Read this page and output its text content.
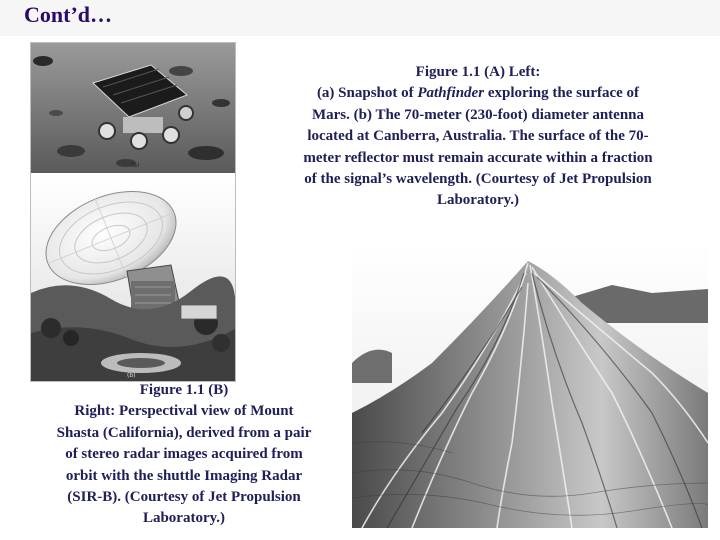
Cont’d…
(a)
(b)
Figure 1.1 (A) Left:
(a) Snapshot of Pathfinder exploring the surface of
Mars. (b) The 70-meter (230-foot) diameter antenna
located at Canberra, Australia. The surface of the 70-
meter reflector must remain accurate within a fraction
of the signal’s wavelength. (Courtesy of Jet Propulsion
Laboratory.)
Figure 1.1 (B)
Right: Perspectival view of Mount
Shasta (California), derived from a pair
of stereo radar images acquired from
orbit with the shuttle Imaging Radar
(SIR-B). (Courtesy of Jet Propulsion
Laboratory.)
